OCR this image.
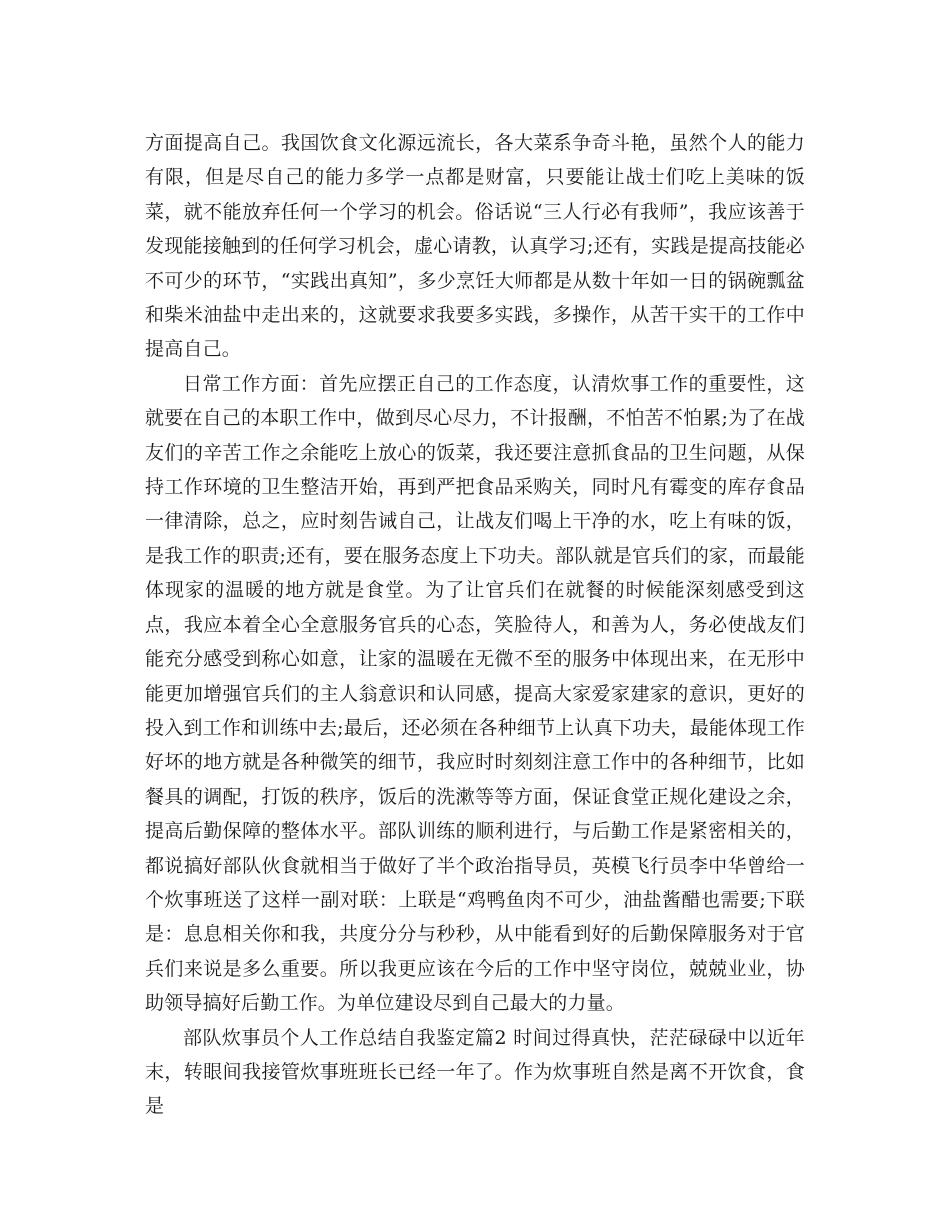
方面提高自己。我国饮食文化源远流长，各大菜系争奇斗艳，虽然个人的能力有限，但是尽自己的能力多学一点都是财富，只要能让战士们吃上美味的饭菜，就不能放弃任何一个学习的机会。俗话说“三人行必有我师”，我应该善于发现能接触到的任何学习机会，虚心请教，认真学习;还有，实践是提高技能必不可少的环节，“实践出真知”，多少烹饪大师都是从数十年如一日的锅碗瓢盆和柴米油盐中走出来的，这就要求我要多实践，多操作，从苦干实干的工作中提高自己。

日常工作方面：首先应摆正自己的工作态度，认清炊事工作的重要性，这就要在自己的本职工作中，做到尽心尽力，不计报酬，不怕苦不怕累;为了在战友们的辛苦工作之余能吃上放心的饭菜，我还要注意抓食品的卫生问题，从保持工作环境的卫生整洁开始，再到严把食品采购关，同时凡有霉变的库存食品一律清除，总之，应时刻告诫自己，让战友们喝上干净的水，吃上有味的饭，是我工作的职责;还有，要在服务态度上下功夫。部队就是官兵们的家，而最能体现家的温暖的地方就是食堂。为了让官兵们在就餐的时候能深刻感受到这点，我应本着全心全意服务官兵的心态，笑脸待人，和善为人，务必使战友们能充分感受到称心如意，让家的温暖在无微不至的服务中体现出来，在无形中能更加增强官兵们的主人翁意识和认同感，提高大家爱家建家的意识，更好的投入到工作和训练中去;最后，还必须在各种细节上认真下功夫，最能体现工作好坏的地方就是各种微笑的细节，我应时时刻刻注意工作中的各种细节，比如餐具的调配，打饭的秩序，饭后的洗漱等等方面，保证食堂正规化建设之余，提高后勤保障的整体水平。部队训练的顺利进行，与后勤工作是紧密相关的，都说搞好部队伙食就相当于做好了半个政治指导员，英模飞行员李中华曾给一个炊事班送了这样一副对联：上联是“鸡鸭鱼肉不可少，油盐酱醋也需要;下联是：息息相关你和我，共度分分与秒秒，从中能看到好的后勤保障服务对于官兵们来说是多么重要。所以我更应该在今后的工作中坚守岗位，兢兢业业，协助领导搞好后勤工作。为单位建设尽到自己最大的力量。

部队炊事员个人工作总结自我鉴定篇2 时间过得真快，茫茫碌碌中以近年末，转眼间我接管炊事班班长已经一年了。作为炊事班自然是离不开饮食，食是
